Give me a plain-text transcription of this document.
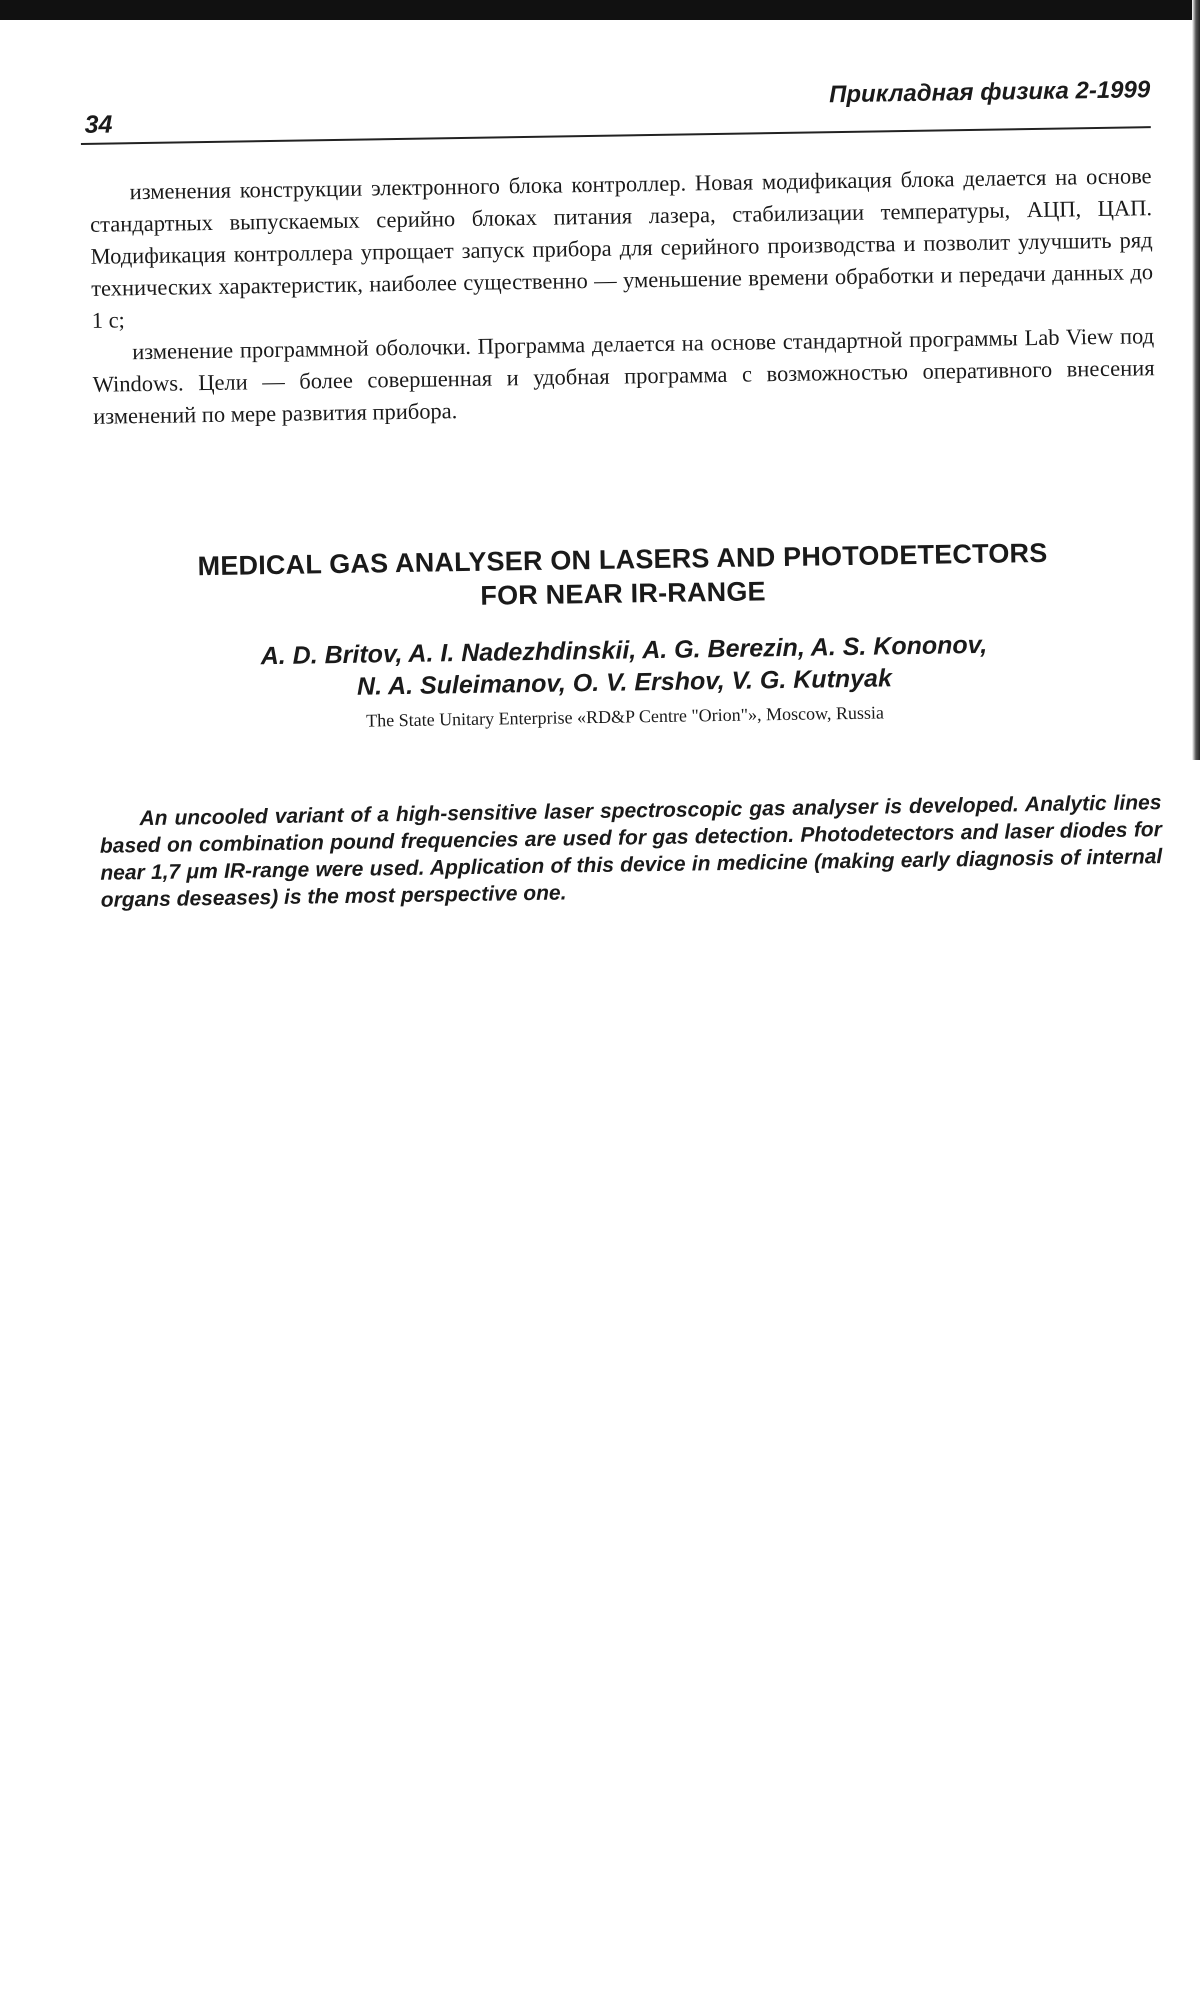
34
Прикладная физика 2-1999

изменения конструкции электронного блока контроллер. Новая модификация блока делается на основе стандартных выпускаемых серийно блоках питания лазера, стабилизации температуры, АЦП, ЦАП. Модификация контроллера упрощает запуск прибора для серийного производства и позволит улучшить ряд технических характеристик, наиболее существенно — уменьшение времени обработки и передачи данных до 1 с;

изменение программной оболочки. Программа делается на основе стандартной программы Lab View под Windows. Цели — более совершенная и удобная программа с возможностью оперативного внесения изменений по мере развития прибора.

MEDICAL GAS ANALYSER ON LASERS AND PHOTODETECTORS
FOR NEAR IR-RANGE
A. D. Britov, A. I. Nadezhdinskii, A. G. Berezin, A. S. Kononov,
N. A. Suleimanov, O. V. Ershov, V. G. Kutnyak
The State Unitary Enterprise «RD&P Centre "Orion"», Moscow, Russia

An uncooled variant of a high-sensitive laser spectroscopic gas analyser is developed. Analytic lines based on combination pound frequencies are used for gas detection. Photodetectors and laser diodes for near 1,7 μm IR-range were used. Application of this device in medicine (making early diagnosis of internal organs deseases) is the most perspective one.
